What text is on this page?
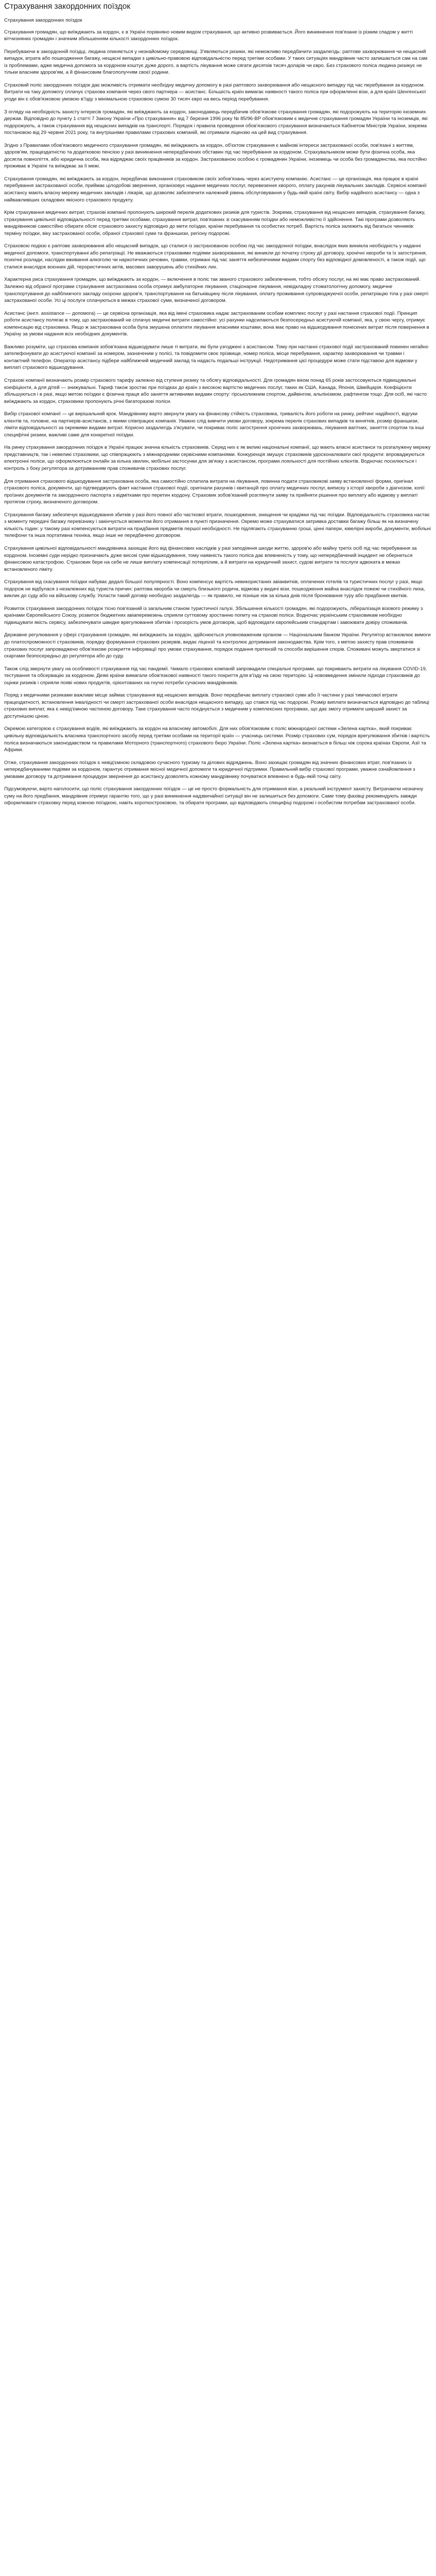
Страхування закордонних поїздок
Страхування закордонних поїздок

Страхування громадян, що виїжджають за кордон, є в Україні порівняно новим видом страхування, що активно розвивається. Його виникнення пов'язане із різким спадом у житті вітчизняних громадян і значним збільшенням кількості закордонних поїздок.

Перебуваючи в закордонній поїздці, людина опиняється у незнайомому середовищі. З'являються ризики, які неможливо передбачити заздалегідь: раптове захворювання чи нещасний випадок, втрата або пошкодження багажу, нещасні випадки з цивільно-правовою відповідальністю перед третіми особами. У таких ситуаціях мандрівник часто залишається сам на сам із проблемами, адже медична допомога за кордоном коштує дуже дорого, а вартість лікування може сягати десятків тисяч доларів чи євро. Без страхового поліса людина ризикує не тільки власним здоров'ям, а й фінансовим благополуччям своєї родини.

Страховий поліс закордонних поїздок дає можливість отримати необхідну медичну допомогу в разі раптового захворювання або нещасного випадку під час перебування за кордоном. Витрати на таку допомогу сплачує страхова компанія через свого партнера — асистанс. Більшість країн вимагає наявності такого поліса при оформленні візи, а для країн Шенгенської угоди він є обов'язковою умовою в'їзду з мінімальною страховою сумою 30 тисяч євро на весь період перебування.

З огляду на необхідність захисту інтересів громадян, які виїжджають за кордон, законодавець передбачив обов'язкове страхування громадян, які подорожують на територію іноземних держав. Відповідно до пункту 1 статті 7 Закону України «Про страхування» від 7 березня 1996 року № 85/96-ВР обов'язковим є медичне страхування громадян України та іноземців, які подорожують, а також страхування від нещасних випадків на транспорті. Порядок і правила проведення обов'язкового страхування визначаються Кабінетом Міністрів України, зокрема постановою від 29 червня 2021 року, та внутрішніми правилами страхових компаній, які отримали ліцензію на цей вид страхування.

Згідно з Правилами обов'язкового медичного страхування громадян, які виїжджають за кордон, об'єктом страхування є майнові інтереси застрахованої особи, пов'язані з життям, здоров'ям, працездатністю та додатковою пенсією у разі виникнення непередбачених обставин під час перебування за кордоном. Страхувальником може бути фізична особа, яка досягла повноліття, або юридична особа, яка відряджає своїх працівників за кордон. Застрахованою особою є громадянин України, іноземець чи особа без громадянства, яка постійно проживає в Україні та виїжджає за її межі.

Страхування громадян, які виїжджають за кордон, передбачає виконання страховиком своїх зобов'язань через асистуючу компанію. Асистанс — це організація, яка працює в країні перебування застрахованої особи, приймає цілодобові звернення, організовує надання медичних послуг, перевезення хворого, оплату рахунків лікувальних закладів. Сервісні компанії асистансу мають власну мережу медичних закладів і лікарів, що дозволяє забезпечити належний рівень обслуговування у будь-якій країні світу. Вибір надійного асистансу — одна з найважливіших складових якісного страхового продукту.

Крім страхування медичних витрат, страхові компанії пропонують широкий перелік додаткових ризиків для туристів. Зокрема, страхування від нещасних випадків, страхування багажу, страхування цивільної відповідальності перед третіми особами, страхування витрат, пов'язаних зі скасуванням поїздки або неможливістю її здійснення. Такі програми дозволяють мандрівникові самостійно обирати обсяг страхового захисту відповідно до мети поїздки, країни перебування та особистих потреб. Вартість поліса залежить від багатьох чинників: терміну поїздки, віку застрахованої особи, обраної страхової суми та франшизи, регіону подорожі.

Страховою подією є раптове захворювання або нещасний випадок, що сталися із застрахованою особою під час закордонної поїздки, внаслідок яких виникла необхідність у наданні медичної допомоги, транспортуванні або репатріації. Не вважаються страховими подіями захворювання, які виникли до початку строку дії договору, хронічні хвороби та їх загострення, психічні розлади, наслідки вживання алкоголю чи наркотичних речовин, травми, отримані під час заняття небезпечними видами спорту без відповідної домовленості, а також події, що сталися внаслідок воєнних дій, терористичних актів, масових заворушень або стихійних лих.

Характерна риса страхування громадян, що виїжджають за кордон, — включення в поліс так званого страхового забезпечення, тобто обсягу послуг, на які має право застрахований. Залежно від обраної програми страхування застрахована особа отримує амбулаторне лікування, стаціонарне лікування, невідкладну стоматологічну допомогу, медичне транспортування до найближчого закладу охорони здоров'я, транспортування на батьківщину після лікування, оплату проживання супроводжуючої особи, репатріацію тіла у разі смерті застрахованої особи. Усі ці послуги сплачуються в межах страхової суми, визначеної договором.

Асистанс (англ. assistance — допомога) — це сервісна організація, яка від імені страховика надає застрахованим особам комплекс послуг у разі настання страхової події. Принцип роботи асистансу полягає в тому, що застрахований не сплачує медичні витрати самостійно: усі рахунки надсилаються безпосередньо асистуючій компанії, яка, у свою чергу, отримує компенсацію від страховика. Якщо ж застрахована особа була змушена оплатити лікування власними коштами, вона має право на відшкодування понесених витрат після повернення в Україну за умови надання всіх необхідних документів.

Важливо розуміти, що страхова компанія зобов'язана відшкодувати лише ті витрати, які були узгоджені з асистансом. Тому при настанні страхової події застрахований повинен негайно зателефонувати до асистуючої компанії за номером, зазначеним у полісі, та повідомити своє прізвище, номер поліса, місце перебування, характер захворювання чи травми і контактний телефон. Оператор асистансу підбере найближчий медичний заклад та надасть подальші інструкції. Недотримання цієї процедури може стати підставою для відмови у виплаті страхового відшкодування.

Страхові компанії визначають розмір страхового тарифу залежно від ступеня ризику та обсягу відповідальності. Для громадян віком понад 65 років застосовуються підвищувальні коефіцієнти, а для дітей — знижувальні. Тариф також зростає при поїздках до країн з високою вартістю медичних послуг, таких як США, Канада, Японія, Швейцарія. Коефіцієнти збільшуються і в разі, якщо метою поїздки є фізична праця або заняття активними видами спорту: гірськолижним спортом, дайвінгом, альпінізмом, рафтингом тощо. Для осіб, які часто виїжджають за кордон, страховики пропонують річні багаторазові поліси.

Вибір страхової компанії — це вирішальний крок. Мандрівнику варто звернути увагу на фінансову стійкість страховика, тривалість його роботи на ринку, рейтинг надійності, відгуки клієнтів та, головне, на партнерів-асистансів, з якими співпрацює компанія. Уважно слід вивчити умови договору, зокрема перелік страхових випадків та винятків, розмір франшизи, ліміти відповідальності за окремими видами витрат. Корисно заздалегідь з'ясувати, чи покриває поліс загострення хронічних захворювань, лікування вагітних, заняття спортом та інші специфічні ризики, важливі саме для конкретної поїздки.

На ринку страхування закордонних поїздок в Україні працює значна кількість страховиків. Серед них є як великі національні компанії, що мають власні асистанси та розгалужену мережу представництв, так і невеликі страховики, що співпрацюють з міжнародними сервісними компаніями. Конкуренція змушує страховиків удосконалювати свої продукти: впроваджуються електронні поліси, що оформлюються онлайн за кілька хвилин, мобільні застосунки для зв'язку з асистансом, програми лояльності для постійних клієнтів. Водночас посилюється і контроль з боку регулятора за дотриманням прав споживачів страхових послуг.

Для отримання страхового відшкодування застрахована особа, яка самостійно сплатила витрати на лікування, повинна подати страховикові заяву встановленої форми, оригінал страхового поліса, документи, що підтверджують факт настання страхової події, оригінали рахунків і квитанцій про оплату медичних послуг, виписку з історії хвороби з діагнозом, копії проїзних документів та закордонного паспорта з відмітками про перетин кордону. Страховик зобов'язаний розглянути заяву та прийняти рішення про виплату або відмову у виплаті протягом строку, визначеного договором.

Страхування багажу забезпечує відшкодування збитків у разі його повної або часткової втрати, пошкодження, знищення чи крадіжки під час поїздки. Відповідальність страховика настає з моменту передачі багажу перевізнику і закінчується моментом його отримання в пункті призначення. Окремо може страхуватися затримка доставки багажу більш як на визначену кількість годин: у такому разі компенсуються витрати на придбання предметів першої необхідності. Не підлягають страхуванню гроші, цінні папери, ювелірні вироби, документи, мобільні телефони та інша портативна техніка, якщо інше не передбачено договором.

Страхування цивільної відповідальності мандрівника захищає його від фінансових наслідків у разі заподіяння шкоди життю, здоров'ю або майну третіх осіб під час перебування за кордоном. Іноземні суди нерідко призначають дуже високі суми відшкодування, тому наявність такого поліса дає впевненість у тому, що непередбачений інцидент не обернеться фінансовою катастрофою. Страховик бере на себе не лише виплату компенсації потерпілим, а й витрати на юридичний захист, судові витрати та послуги адвоката в межах встановленого ліміту.

Страхування від скасування поїздки набуває дедалі більшої популярності. Воно компенсує вартість невикористаних авіаквитків, оплачених готелів та туристичних послуг у разі, якщо подорож не відбулася з незалежних від туриста причин: раптова хвороба чи смерть близького родича, відмова у видачі візи, пошкодження майна внаслідок пожежі чи стихійного лиха, виклик до суду або на військову службу. Укласти такий договір необхідно заздалегідь — як правило, не пізніше ніж за кілька днів після бронювання туру або придбання квитків.

Розвиток страхування закордонних поїздок тісно пов'язаний із загальним станом туристичної галузі. Збільшення кількості громадян, які подорожують, лібералізація візового режиму з країнами Європейського Союзу, розвиток бюджетних авіаперевезень сприяли суттєвому зростанню попиту на страхові поліси. Водночас українським страховикам необхідно підвищувати якість сервісу, забезпечувати швидке врегулювання збитків і прозорість умов договорів, щоб відповідати європейським стандартам і завоювати довіру споживачів.

Державне регулювання у сфері страхування громадян, які виїжджають за кордон, здійснюється уповноваженим органом — Національним банком України. Регулятор встановлює вимоги до платоспроможності страховиків, порядку формування страхових резервів, видає ліцензії та контролює дотримання законодавства. Крім того, з метою захисту прав споживачів страхових послуг запроваджено обов'язкове розкриття інформації про умови страхування, порядок подання претензій та способи вирішення спорів. Споживачі можуть звертатися зі скаргами безпосередньо до регулятора або до суду.

Також слід звернути увагу на особливості страхування під час пандемії. Чимало страхових компаній запровадили спеціальні програми, що покривають витрати на лікування COVID-19, тестування та обсервацію за кордоном. Деякі країни вимагали обов'язкової наявності такого покриття для в'їзду на свою територію. Ці нововведення змінили підходи страховиків до оцінки ризиків і сприяли появі нових продуктів, орієнтованих на гнучкі потреби сучасних мандрівників.

Поряд з медичними ризиками важливе місце займає страхування від нещасних випадків. Воно передбачає виплату страхової суми або її частини у разі тимчасової втрати працездатності, встановлення інвалідності чи смерті застрахованої особи внаслідок нещасного випадку, що стався під час подорожі. Розмір виплати визначається відповідно до таблиці страхових виплат, яка є невід'ємною частиною договору. Таке страхування часто поєднується з медичним у комплексних програмах, що дає змогу отримати ширший захист за доступнішою ціною.

Окремою категорією є страхування водіїв, які виїжджають за кордон на власному автомобілі. Для них обов'язковим є поліс міжнародної системи «Зелена картка», який покриває цивільну відповідальність власника транспортного засобу перед третіми особами на території країн — учасниць системи. Розмір страхових сум, порядок врегулювання збитків і вартість поліса визначаються законодавством та правилами Моторного (транспортного) страхового бюро України. Поліс «Зелена картка» визнається в більш ніж сорока країнах Європи, Азії та Африки.

Отже, страхування закордонних поїздок є невід'ємною складовою сучасного туризму та ділових відряджень. Воно захищає громадян від значних фінансових втрат, пов'язаних із непередбачуваними подіями за кордоном, гарантує отримання якісної медичної допомоги та юридичної підтримки. Правильний вибір страхової програми, уважне ознайомлення з умовами договору та дотримання процедури звернення до асистансу дозволять кожному мандрівнику почуватися впевнено в будь-якій точці світу.

Підсумовуючи, варто наголосити, що поліс страхування закордонних поїздок — це не просто формальність для отримання візи, а реальний інструмент захисту. Витрачаючи незначну суму на його придбання, мандрівник отримує гарантію того, що у разі виникнення надзвичайної ситуації він не залишиться без допомоги. Саме тому фахівці рекомендують завжди оформлювати страховку перед кожною поїздкою, навіть короткостроковою, та обирати програми, що відповідають специфіці подорожі і особистим потребам застрахованої особи.
